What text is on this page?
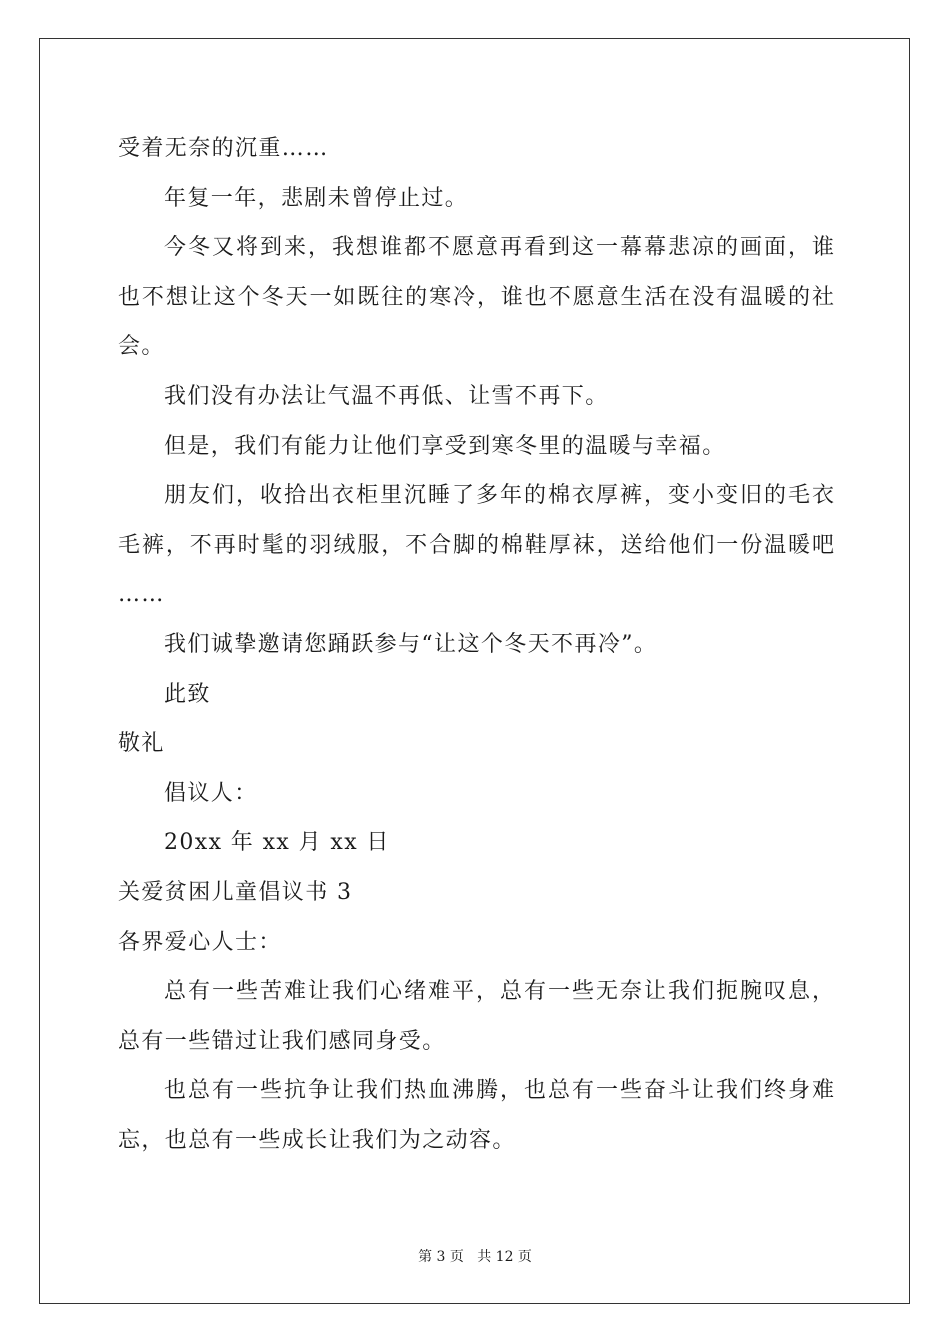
受着无奈的沉重……
年复一年，悲剧未曾停止过。
今冬又将到来，我想谁都不愿意再看到这一幕幕悲凉的画面，谁
也不想让这个冬天一如既往的寒冷，谁也不愿意生活在没有温暖的社
会。
我们没有办法让气温不再低、让雪不再下。
但是，我们有能力让他们享受到寒冬里的温暖与幸福。
朋友们，收拾出衣柜里沉睡了多年的棉衣厚裤，变小变旧的毛衣
毛裤，不再时髦的羽绒服，不合脚的棉鞋厚袜，送给他们一份温暖吧
……
我们诚挚邀请您踊跃参与“让这个冬天不再冷”。
此致
敬礼
倡议人：
20xx 年 xx 月 xx 日
关爱贫困儿童倡议书 3
各界爱心人士：
总有一些苦难让我们心绪难平，总有一些无奈让我们扼腕叹息，
总有一些错过让我们感同身受。
也总有一些抗争让我们热血沸腾，也总有一些奋斗让我们终身难
忘，也总有一些成长让我们为之动容。
第 3 页   共 12 页
